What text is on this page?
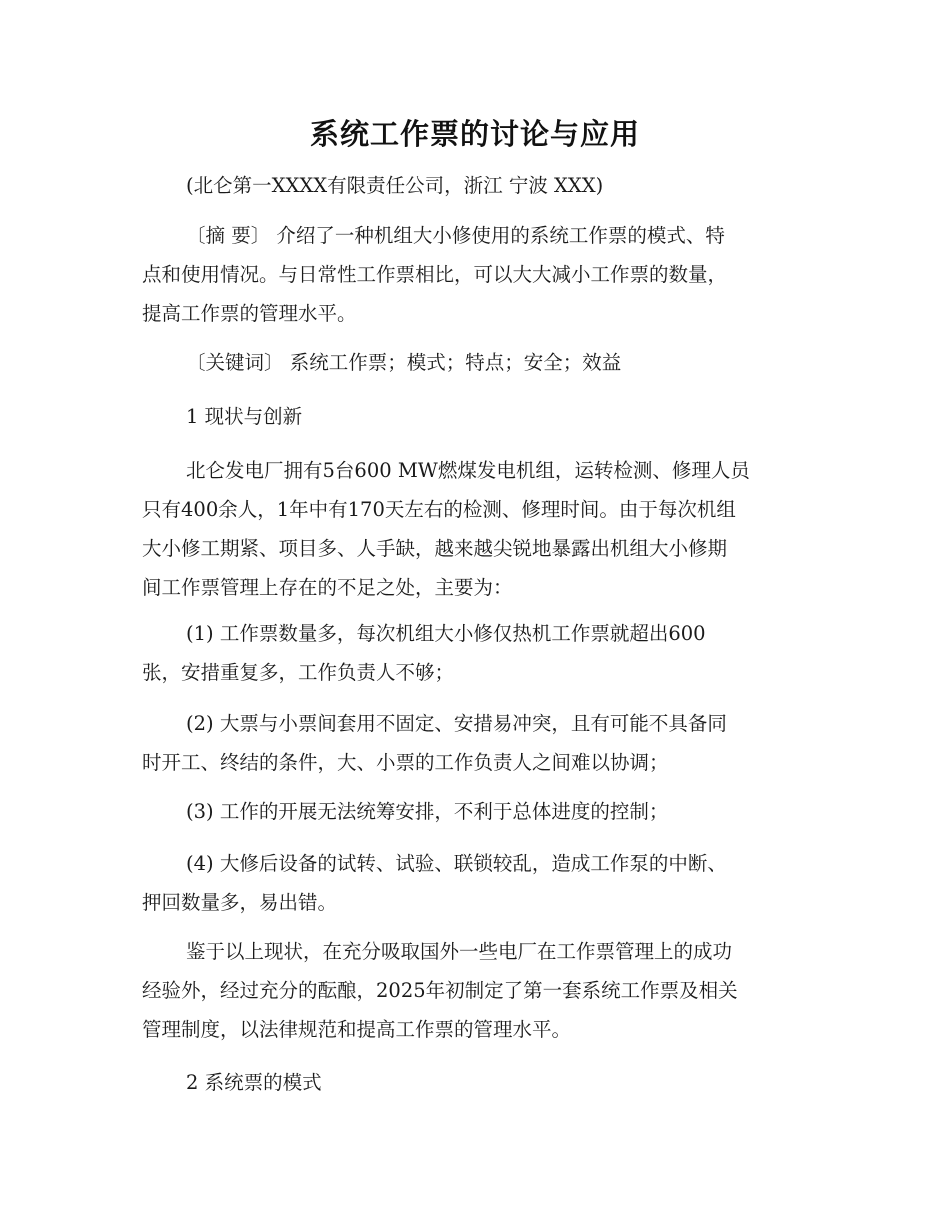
系统工作票的讨论与应用

(北仑第一XXXX有限责任公司，浙江 宁波 XXX)

〔摘 要〕 介绍了一种机组大小修使用的系统工作票的模式、特
点和使用情况。与日常性工作票相比，可以大大减小工作票的数量，
提高工作票的管理水平。

〔关键词〕 系统工作票；模式；特点；安全；效益

1 现状与创新

北仑发电厂拥有5台600 MW燃煤发电机组，运转检测、修理人员
只有400余人，1年中有170天左右的检测、修理时间。由于每次机组
大小修工期紧、项目多、人手缺，越来越尖锐地暴露出机组大小修期
间工作票管理上存在的不足之处，主要为：
(1) 工作票数量多，每次机组大小修仅热机工作票就超出600
张，安措重复多，工作负责人不够；
(2) 大票与小票间套用不固定、安措易冲突，且有可能不具备同
时开工、终结的条件，大、小票的工作负责人之间难以协调；

(3) 工作的开展无法统筹安排，不利于总体进度的控制；

(4) 大修后设备的试转、试验、联锁较乱，造成工作泵的中断、
押回数量多，易出错。
鉴于以上现状，在充分吸取国外一些电厂在工作票管理上的成功
经验外，经过充分的酝酿，2025年初制定了第一套系统工作票及相关
管理制度，以法律规范和提高工作票的管理水平。

2 系统票的模式
